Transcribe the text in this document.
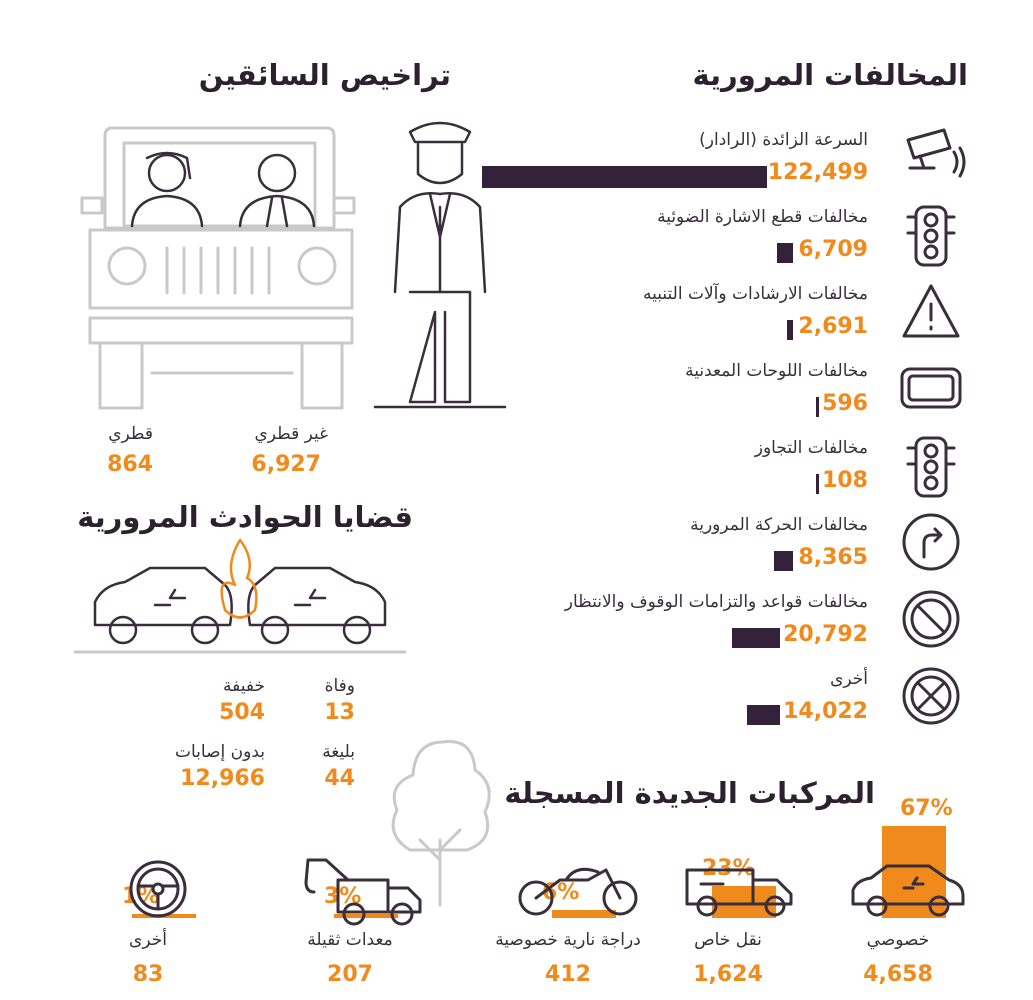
المخالفات المرورية
تراخيص السائقين
قضايا الحوادث المرورية
المركبات الجديدة المسجلة
غير قطري
6,927
قطري
864
السرعة الزائدة (الرادار)
122,499
مخالفات قطع الاشارة الضوئية
6,709
مخالفات الارشادات وآلات التنبيه
2,691
مخالفات اللوحات المعدنية
596
مخالفات التجاوز
108
مخالفات الحركة المرورية
8,365
مخالفات قواعد والتزامات الوقوف والانتظار
20,792
أخرى
14,022
خفيفة
504
وفاة
13
بدون إصابات
12,966
بليغة
44
67%
خصوصي
4,658
23%
نقل خاص
1,624
6%
دراجة نارية خصوصية
412
3%
معدات ثقيلة
207
1%
أخرى
83
